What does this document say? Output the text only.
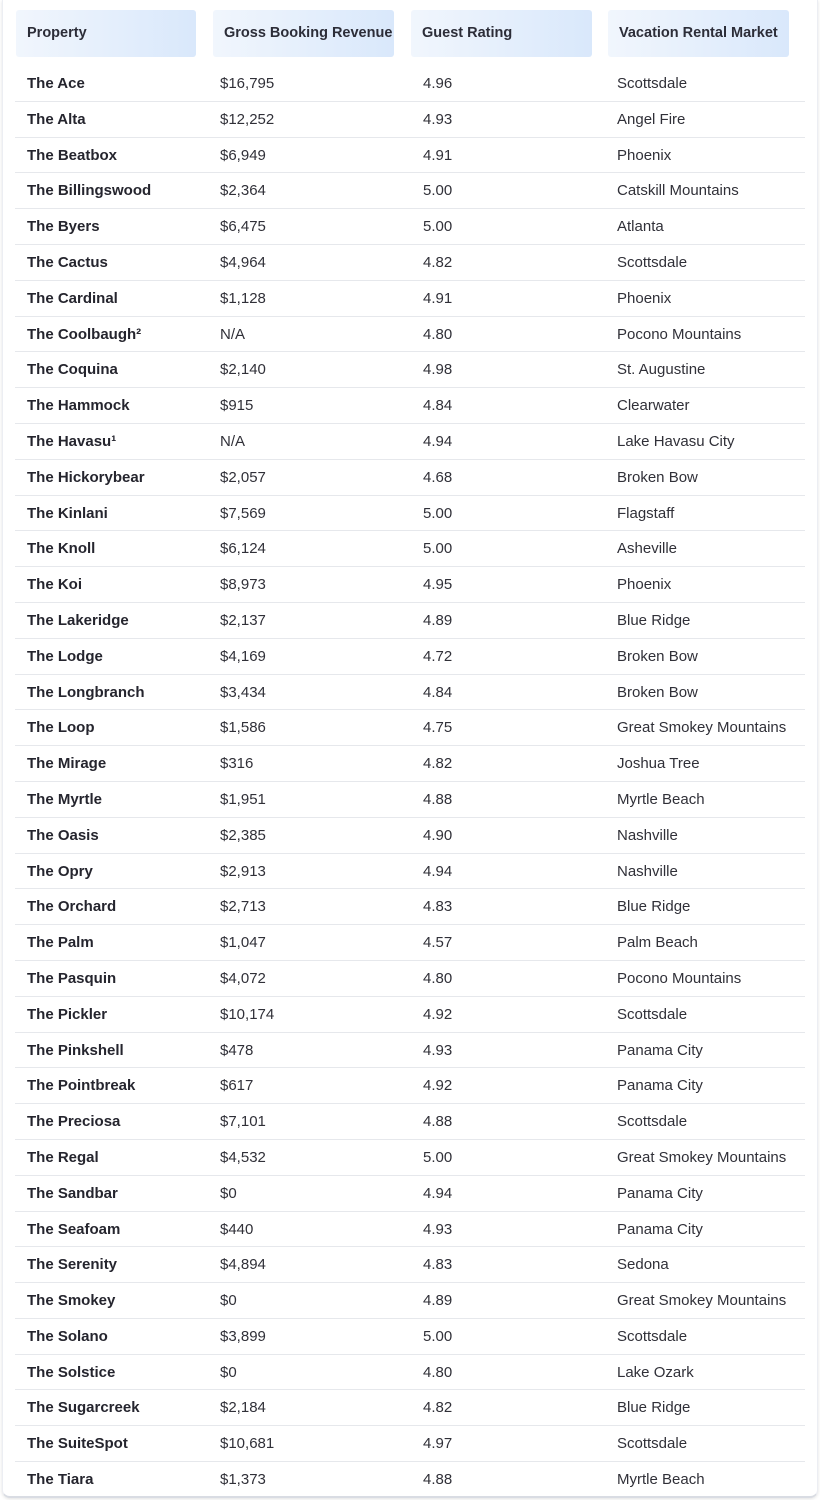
Property	Gross Booking Revenue	Guest Rating	Vacation Rental Market
The Ace	$16,795	4.96	Scottsdale
The Alta	$12,252	4.93	Angel Fire
The Beatbox	$6,949	4.91	Phoenix
The Billingswood	$2,364	5.00	Catskill Mountains
The Byers	$6,475	5.00	Atlanta
The Cactus	$4,964	4.82	Scottsdale
The Cardinal	$1,128	4.91	Phoenix
The Coolbaugh²	N/A	4.80	Pocono Mountains
The Coquina	$2,140	4.98	St. Augustine
The Hammock	$915	4.84	Clearwater
The Havasu¹	N/A	4.94	Lake Havasu City
The Hickorybear	$2,057	4.68	Broken Bow
The Kinlani	$7,569	5.00	Flagstaff
The Knoll	$6,124	5.00	Asheville
The Koi	$8,973	4.95	Phoenix
The Lakeridge	$2,137	4.89	Blue Ridge
The Lodge	$4,169	4.72	Broken Bow
The Longbranch	$3,434	4.84	Broken Bow
The Loop	$1,586	4.75	Great Smokey Mountains
The Mirage	$316	4.82	Joshua Tree
The Myrtle	$1,951	4.88	Myrtle Beach
The Oasis	$2,385	4.90	Nashville
The Opry	$2,913	4.94	Nashville
The Orchard	$2,713	4.83	Blue Ridge
The Palm	$1,047	4.57	Palm Beach
The Pasquin	$4,072	4.80	Pocono Mountains
The Pickler	$10,174	4.92	Scottsdale
The Pinkshell	$478	4.93	Panama City
The Pointbreak	$617	4.92	Panama City
The Preciosa	$7,101	4.88	Scottsdale
The Regal	$4,532	5.00	Great Smokey Mountains
The Sandbar	$0	4.94	Panama City
The Seafoam	$440	4.93	Panama City
The Serenity	$4,894	4.83	Sedona
The Smokey	$0	4.89	Great Smokey Mountains
The Solano	$3,899	5.00	Scottsdale
The Solstice	$0	4.80	Lake Ozark
The Sugarcreek	$2,184	4.82	Blue Ridge
The SuiteSpot	$10,681	4.97	Scottsdale
The Tiara	$1,373	4.88	Myrtle Beach
